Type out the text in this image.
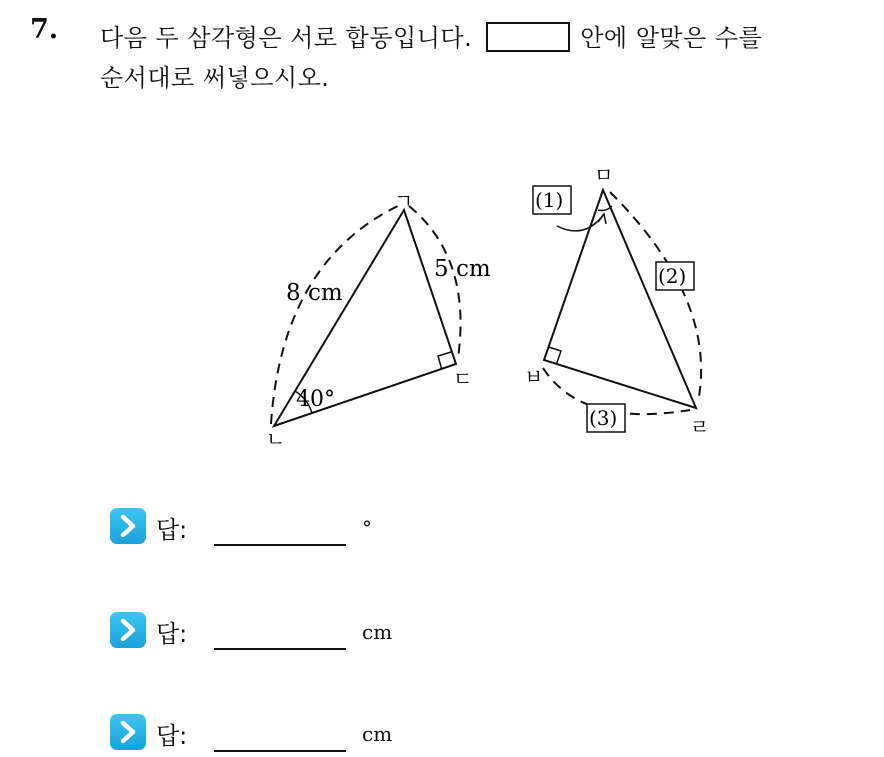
7. 다음 두 삼각형은 서로 합동입니다.	안에 알맞은 수를
순서대로 써넣으시오.
ㄱ
ㄴ
ㄷ
8 cm
5 cm
40°
ㅁ
ㅂ
ㄹ
(1)
(2)
(3)
답:	°
답:	cm
답:	cm
